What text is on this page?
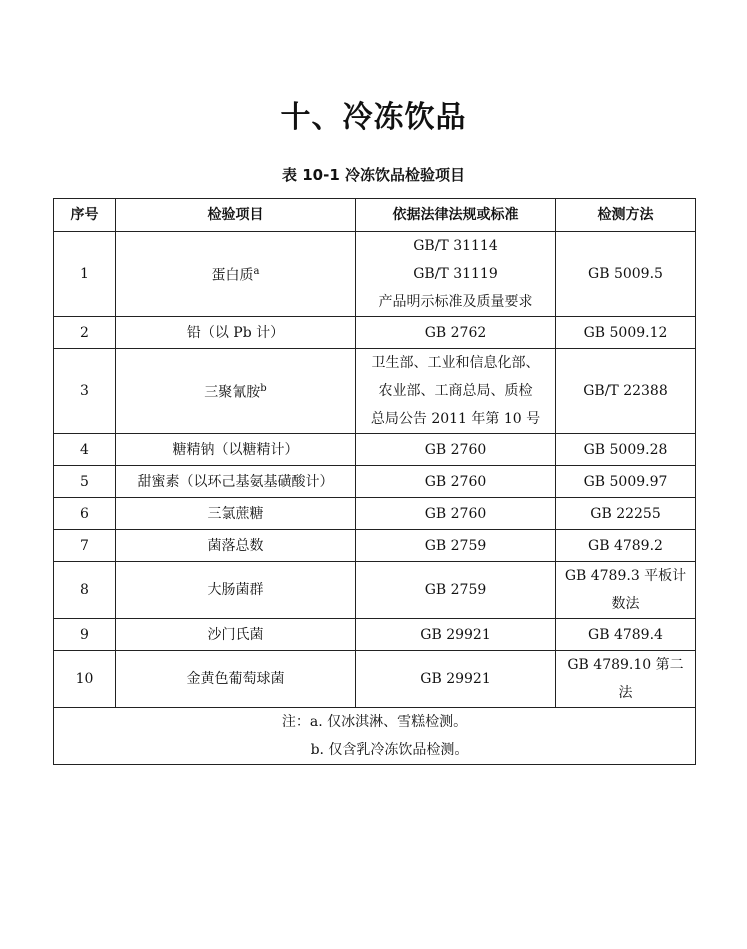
十、冷冻饮品
表 10-1 冷冻饮品检验项目
序号	检验项目	依据法律法规或标准	检测方法
1	蛋白质$^a$	GB/T 31114
GB/T 31119
产品明示标准及质量要求	GB 5009.5

2	铅（以 Pb 计）	GB 2762	GB 5009.12

3	三聚氰胺$^b$	卫生部、工业和信息化部、
农业部、工商总局、质检
总局公告 2011 年第 10 号	GB/T 22388

4	糖精钠（以糖精计）	GB 2760	GB 5009.28

5	甜蜜素（以环己基氨基磺酸计）	GB 2760	GB 5009.97

6	三氯蔗糖	GB 2760	GB 22255

7	菌落总数	GB 2759	GB 4789.2

8	大肠菌群	GB 2759	GB 4789.3 平板计
数法

9	沙门氏菌	GB 29921	GB 4789.4

10	金黄色葡萄球菌	GB 29921	GB 4789.10 第二
法

注：a. 仅冰淇淋、雪糕检测。
b. 仅含乳冷冻饮品检测。			
